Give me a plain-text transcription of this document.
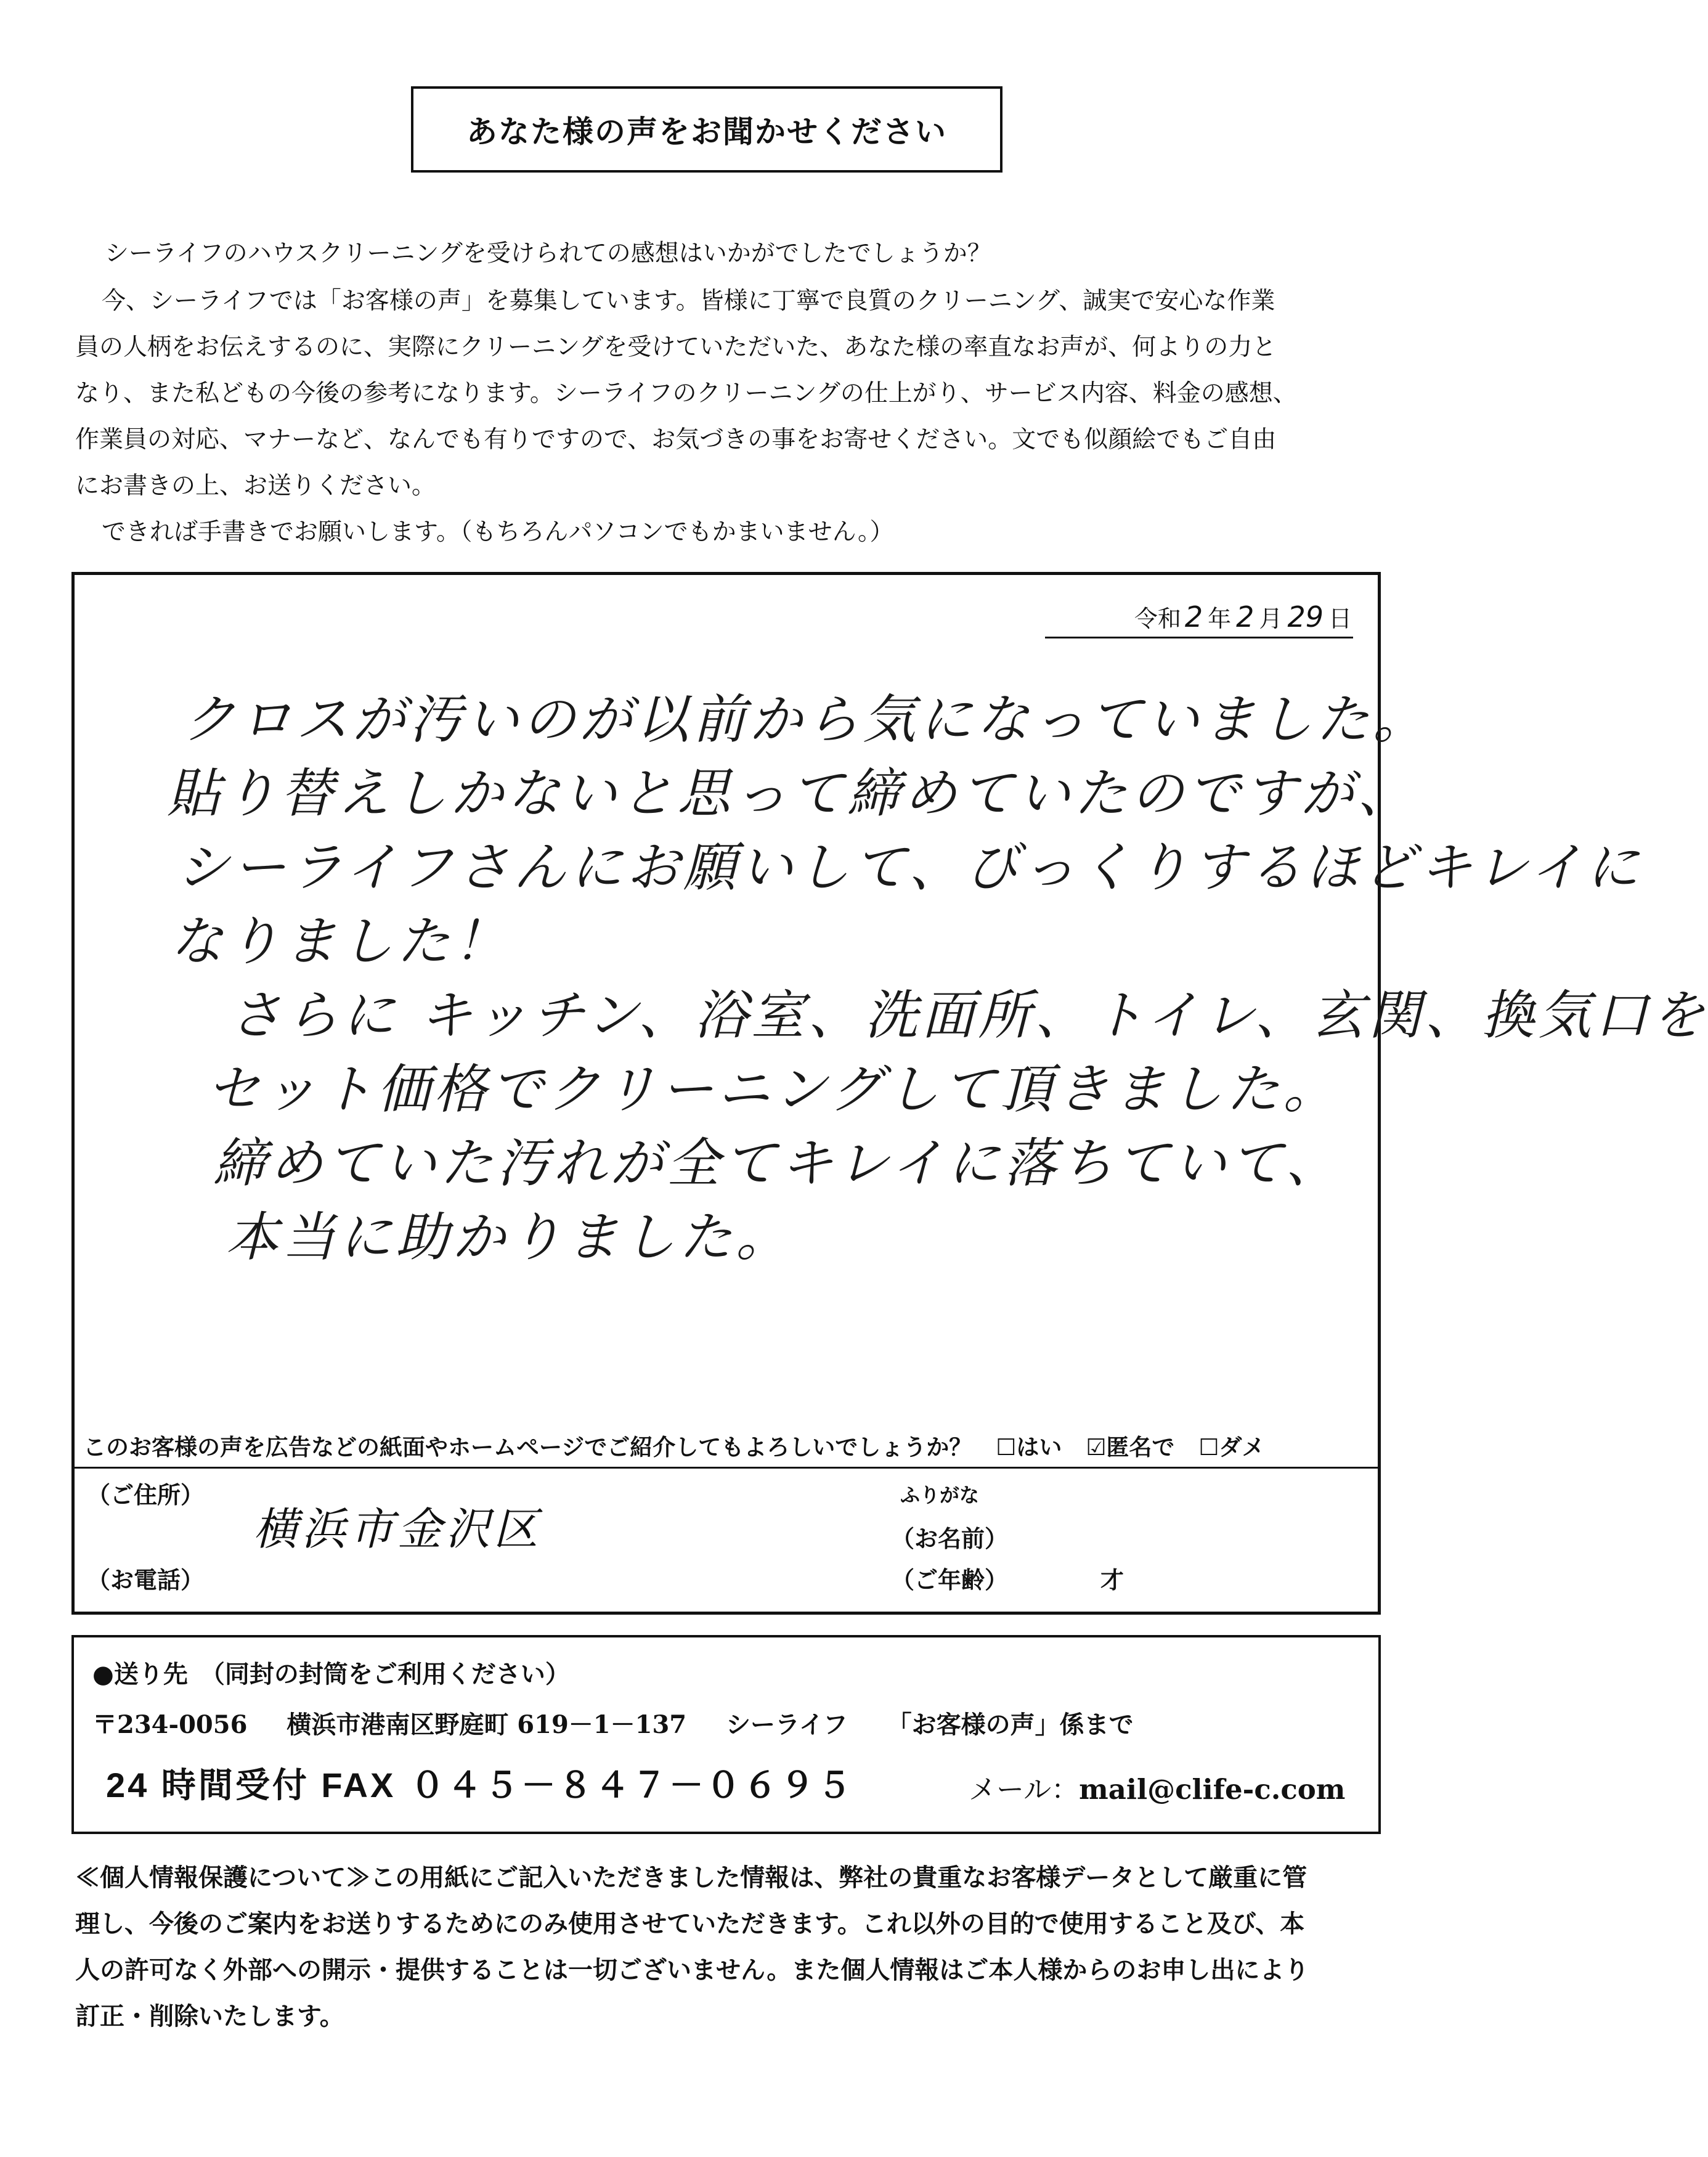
あなた様の声をお聞かせください
シーライフのハウスクリーニングを受けられての感想はいかがでしたでしょうか？
今、シーライフでは「お客様の声」を募集しています。皆様に丁寧で良質のクリーニング、誠実で安心な作業
員の人柄をお伝えするのに、実際にクリーニングを受けていただいた、あなた様の率直なお声が、何よりの力と
なり、また私どもの今後の参考になります。シーライフのクリーニングの仕上がり、サービス内容、料金の感想、
作業員の対応、マナーなど、なんでも有りですので、お気づきの事をお寄せください。文でも似顔絵でもご自由
にお書きの上、お送りください。
できれば手書きでお願いします。（もちろんパソコンでもかまいません。）
令和 2 年 2 月 29 日
クロスが汚いのが以前から気になっていました。
貼り替えしかないと思って締めていたのですが、
シーライフさんにお願いして、びっくりするほどキレイに
なりました！
さらに キッチン、浴室、洗面所、トイレ、玄関、換気口を
セット価格でクリーニングして頂きました。
締めていた汚れが全てキレイに落ちていて、
本当に助かりました。
このお客様の声を広告などの紙面やホームページでご紹介してもよろしいでしょうか？ ☐はい ☑匿名で ☐ダメ
（ご住所）
横浜市金沢区
（お電話）
ふりがな
（お名前）
（ご年齢）	才
●送り先　（同封の封筒をご利用ください）
〒234-0056 横浜市港南区野庭町 619－1－137 シーライフ 「お客様の声」係まで
24 時間受付 FAX ０４５－８４７－０６９５	メール：mail@clife-c.com
≪個人情報保護について≫この用紙にご記入いただきました情報は、弊社の貴重なお客様データとして厳重に管
理し、今後のご案内をお送りするためにのみ使用させていただきます。これ以外の目的で使用すること及び、本
人の許可なく外部への開示・提供することは一切ございません。また個人情報はご本人様からのお申し出により
訂正・削除いたします。
